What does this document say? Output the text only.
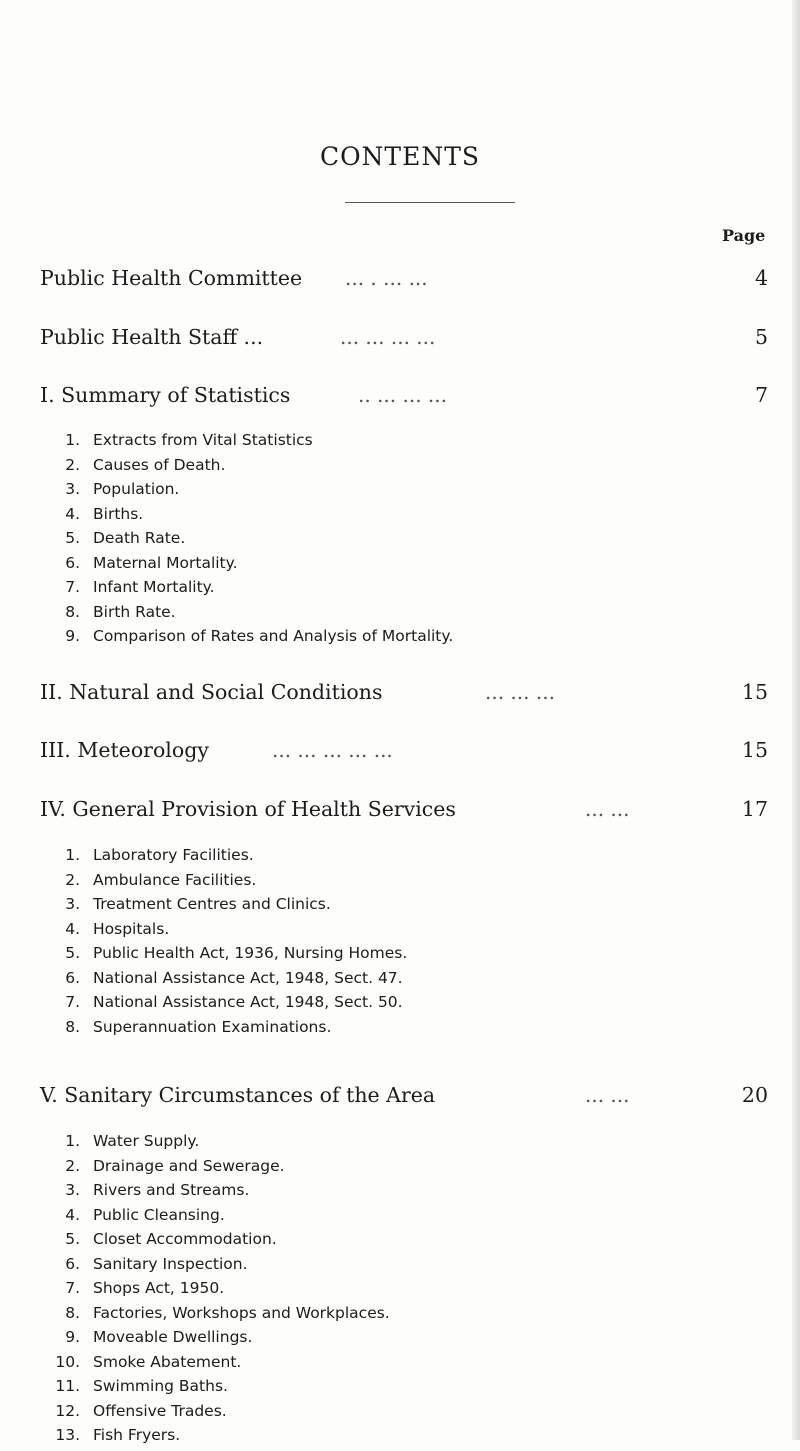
CONTENTS
Page
Public Health Committee ... . ... ...	4
Public Health Staff ...	... ... ... ...	5
I. Summary of Statistics	.. ... ... ...	7
1. Extracts from Vital Statistics
2. Causes of Death.
3. Population.
4. Births.
5. Death Rate.
6. Maternal Mortality.
7. Infant Mortality.
8. Birth Rate.
9. Comparison of Rates and Analysis of Mortality.
II. Natural and Social Conditions	... ... ...	15
III. Meteorology	... ... ... ... ...	15
IV. General Provision of Health Services	... ...	17
1. Laboratory Facilities.
2. Ambulance Facilities.
3. Treatment Centres and Clinics.
4. Hospitals.
5. Public Health Act, 1936, Nursing Homes.
6. National Assistance Act, 1948, Sect. 47.
7. National Assistance Act, 1948, Sect. 50.
8. Superannuation Examinations.
V. Sanitary Circumstances of the Area	... ...	20
1. Water Supply.
2. Drainage and Sewerage.
3. Rivers and Streams.
4. Public Cleansing.
5. Closet Accommodation.
6. Sanitary Inspection.
7. Shops Act, 1950.
8. Factories, Workshops and Workplaces.
9. Moveable Dwellings.
10. Smoke Abatement.
11. Swimming Baths.
12. Offensive Trades.
13. Fish Fryers.
